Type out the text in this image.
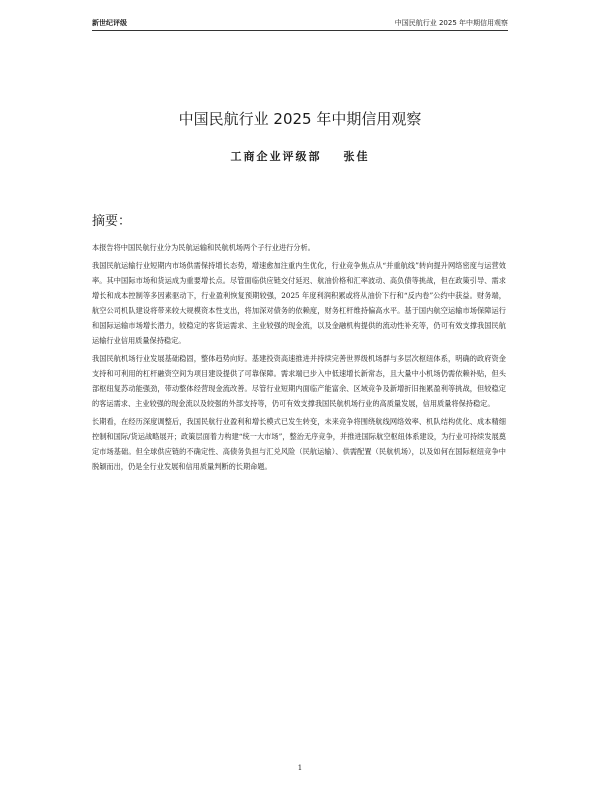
新世纪评级	中国民航行业 2025 年中期信用观察
中国民航行业 2025 年中期信用观察
工商企业评级部 张佳
摘要：

本报告将中国民航行业分为民航运输和民航机场两个子行业进行分析。

我国民航运输行业短期内市场供需保持增长态势，增速愈加注重内生优化，行业竞争焦点从“并重航线”转向提升网络密度与运营效率。其中国际市场和货运成为重要增长点。尽管面临供应链交付延迟、航油价格和汇率波动、高负债等挑战，但在政策引导、需求增长和成本控制等多因素驱动下，行业盈利恢复预期较强，2025 年度利润积累或将从油价下行和“反内卷”公约中获益。财务端，航空公司机队建设将带来较大规模资本性支出，将加深对债务的依赖度，财务杠杆维持偏高水平。基于国内航空运输市场保障运行和国际运输市场增长潜力，较稳定的客货运需求、主业较强的现金流，以及金融机构提供的流动性补充等，仍可有效支撑我国民航运输行业信用质量保持稳定。

我国民航机场行业发展基础稳固，整体趋势向好。基建投资高速推进并持续完善世界级机场群与多层次枢纽体系，明确的政府资金支持和可利用的杠杆融资空间为项目建设提供了可靠保障。需求端已步入中低速增长新常态，且大量中小机场仍需依赖补贴，但头部枢纽复苏动能强劲，带动整体经营现金流改善。尽管行业短期内面临产能富余、区域竞争及新增折旧拖累盈利等挑战，但较稳定的客运需求、主业较强的现金流以及较强的外部支持等，仍可有效支撑我国民航机场行业的高质量发展，信用质量将保持稳定。

长期看，在经历深度调整后，我国民航行业盈利和增长模式已发生转变，未来竞争将围绕航线网络效率、机队结构优化、成本精细控制和国际/货运战略展开；政策层面着力构建“统一大市场”，整治无序竞争，并推进国际航空枢纽体系建设，为行业可持续发展奠定市场基础。但全球供应链的不确定性、高债务负担与汇兑风险（民航运输）、供需配置（民航机场），以及如何在国际枢纽竞争中脱颖而出，仍是全行业发展和信用质量判断的长期命题。

1
